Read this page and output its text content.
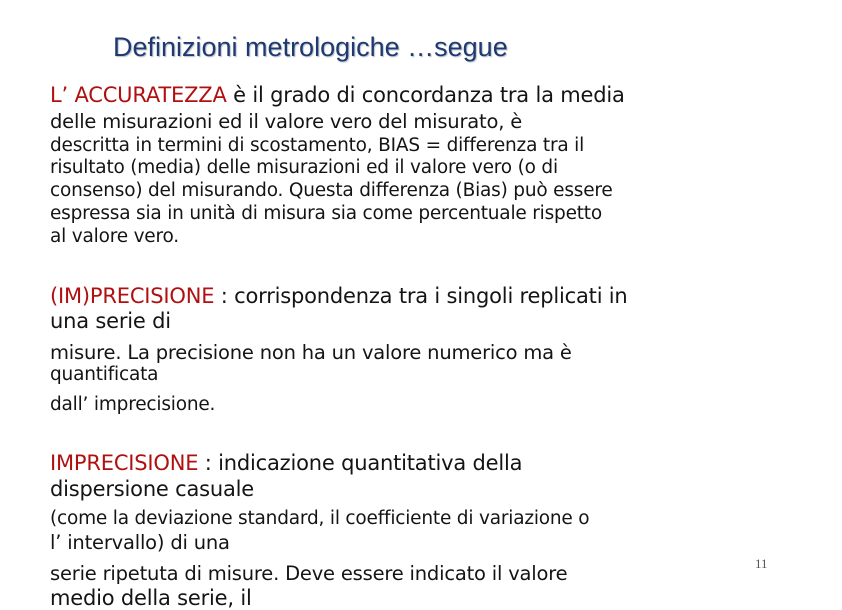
Definizioni metrologiche …segue
L’ ACCURATEZZA è il grado di concordanza tra la media
delle misurazioni ed il valore vero del misurato, è
descritta in termini di scostamento, BIAS = differenza tra il
risultato (media) delle misurazioni ed il valore vero (o di
consenso) del misurando. Questa differenza (Bias) può essere
espressa sia in unità di misura sia come percentuale rispetto
al valore vero.
(IM)PRECISIONE : corrispondenza tra i singoli replicati in
una serie di
misure. La precisione non ha un valore numerico ma è
quantificata
dall’ imprecisione.
IMPRECISIONE : indicazione quantitativa della
dispersione casuale
(come la deviazione standard, il coefficiente di variazione o
l’ intervallo) di una
serie ripetuta di misure. Deve essere indicato il valore
medio della serie, il
11
